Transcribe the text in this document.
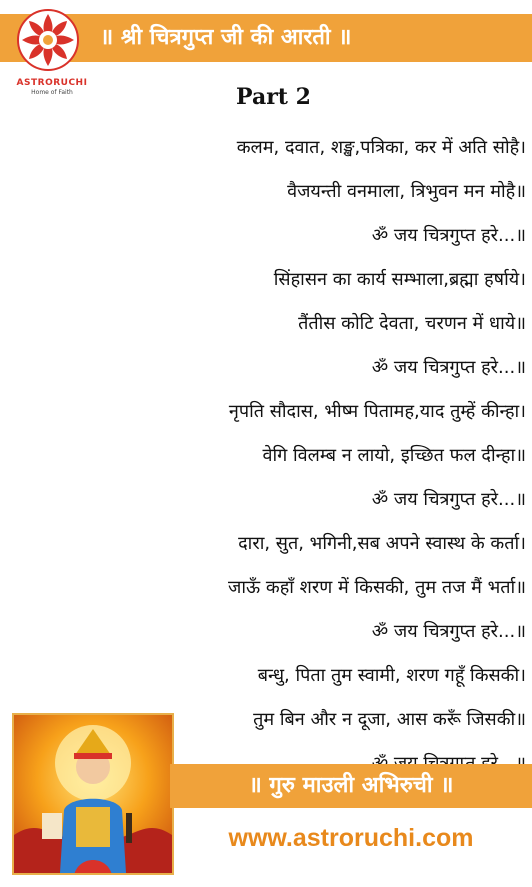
॥ श्री चित्रगुप्त जी की आरती ॥
ASTRORUCHI
Home of Faith	Part 2
कलम, दवात, शङ्ख,पत्रिका, कर में अति सोहै।
वैजयन्ती वनमाला, त्रिभुवन मन मोहै॥
ॐ जय चित्रगुप्त हरे...॥
सिंहासन का कार्य सम्भाला,ब्रह्मा हर्षाये।
तैंतीस कोटि देवता, चरणन में धाये॥
ॐ जय चित्रगुप्त हरे...॥
नृपति सौदास, भीष्म पितामह,याद तुम्हें कीन्हा।
वेगि विलम्ब न लायो, इच्छित फल दीन्हा॥
ॐ जय चित्रगुप्त हरे...॥
दारा, सुत, भगिनी,सब अपने स्वास्थ के कर्ता।
जाऊँ कहाँ शरण में किसकी, तुम तज मैं भर्ता॥
ॐ जय चित्रगुप्त हरे...॥
बन्धु, पिता तुम स्वामी, शरण गहूँ किसकी।
तुम बिन और न दूजा, आस करूँ जिसकी॥
॥ गुरु माउली अभिरुची ॥
www.astroruchi.com
